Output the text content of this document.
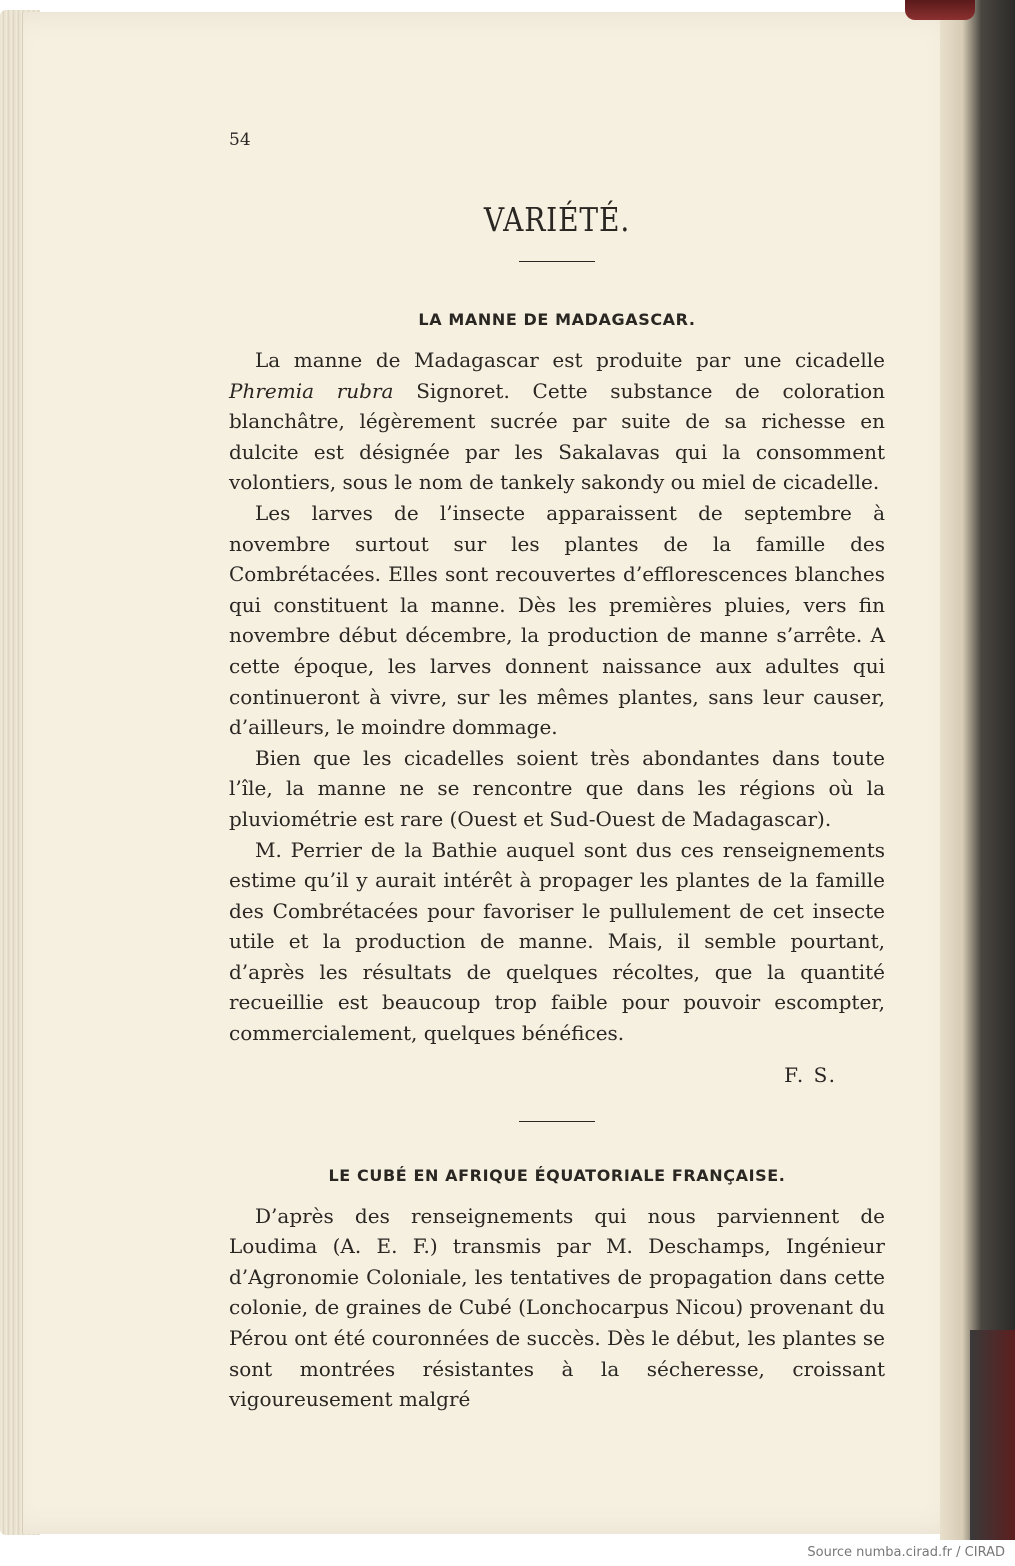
54
VARIÉTÉ.
LA MANNE DE MADAGASCAR.

La manne de Madagascar est produite par une cicadelle Phremia rubra Signoret. Cette substance de coloration blanchâtre, légèrement sucrée par suite de sa richesse en dulcite est désignée par les Sakalavas qui la consomment volontiers, sous le nom de tankely sakondy ou miel de cicadelle.

Les larves de l’insecte apparaissent de septembre à novembre surtout sur les plantes de la famille des Combrétacées. Elles sont recouvertes d’efflorescences blanches qui constituent la manne. Dès les premières pluies, vers fin novembre début décembre, la production de manne s’arrête. A cette époque, les larves donnent naissance aux adultes qui continueront à vivre, sur les mêmes plantes, sans leur causer, d’ailleurs, le moindre dommage.

Bien que les cicadelles soient très abondantes dans toute l’île, la manne ne se rencontre que dans les régions où la pluviométrie est rare (Ouest et Sud-Ouest de Madagascar).

M. Perrier de la Bathie auquel sont dus ces renseignements estime qu’il y aurait intérêt à propager les plantes de la famille des Combrétacées pour favoriser le pullulement de cet insecte utile et la production de manne. Mais, il semble pourtant, d’après les résultats de quelques récoltes, que la quantité recueillie est beaucoup trop faible pour pouvoir escompter, commercialement, quelques bénéfices.

F. S.

LE CUBÉ EN AFRIQUE ÉQUATORIALE FRANÇAISE.

D’après des renseignements qui nous parviennent de Loudima (A. E. F.) transmis par M. Deschamps, Ingénieur d’Agronomie Coloniale, les tentatives de propagation dans cette colonie, de graines de Cubé (Lonchocarpus Nicou) provenant du Pérou ont été couronnées de succès. Dès le début, les plantes se sont montrées résistantes à la sécheresse, croissant vigoureusement malgré

Source numba.cirad.fr / CIRAD
